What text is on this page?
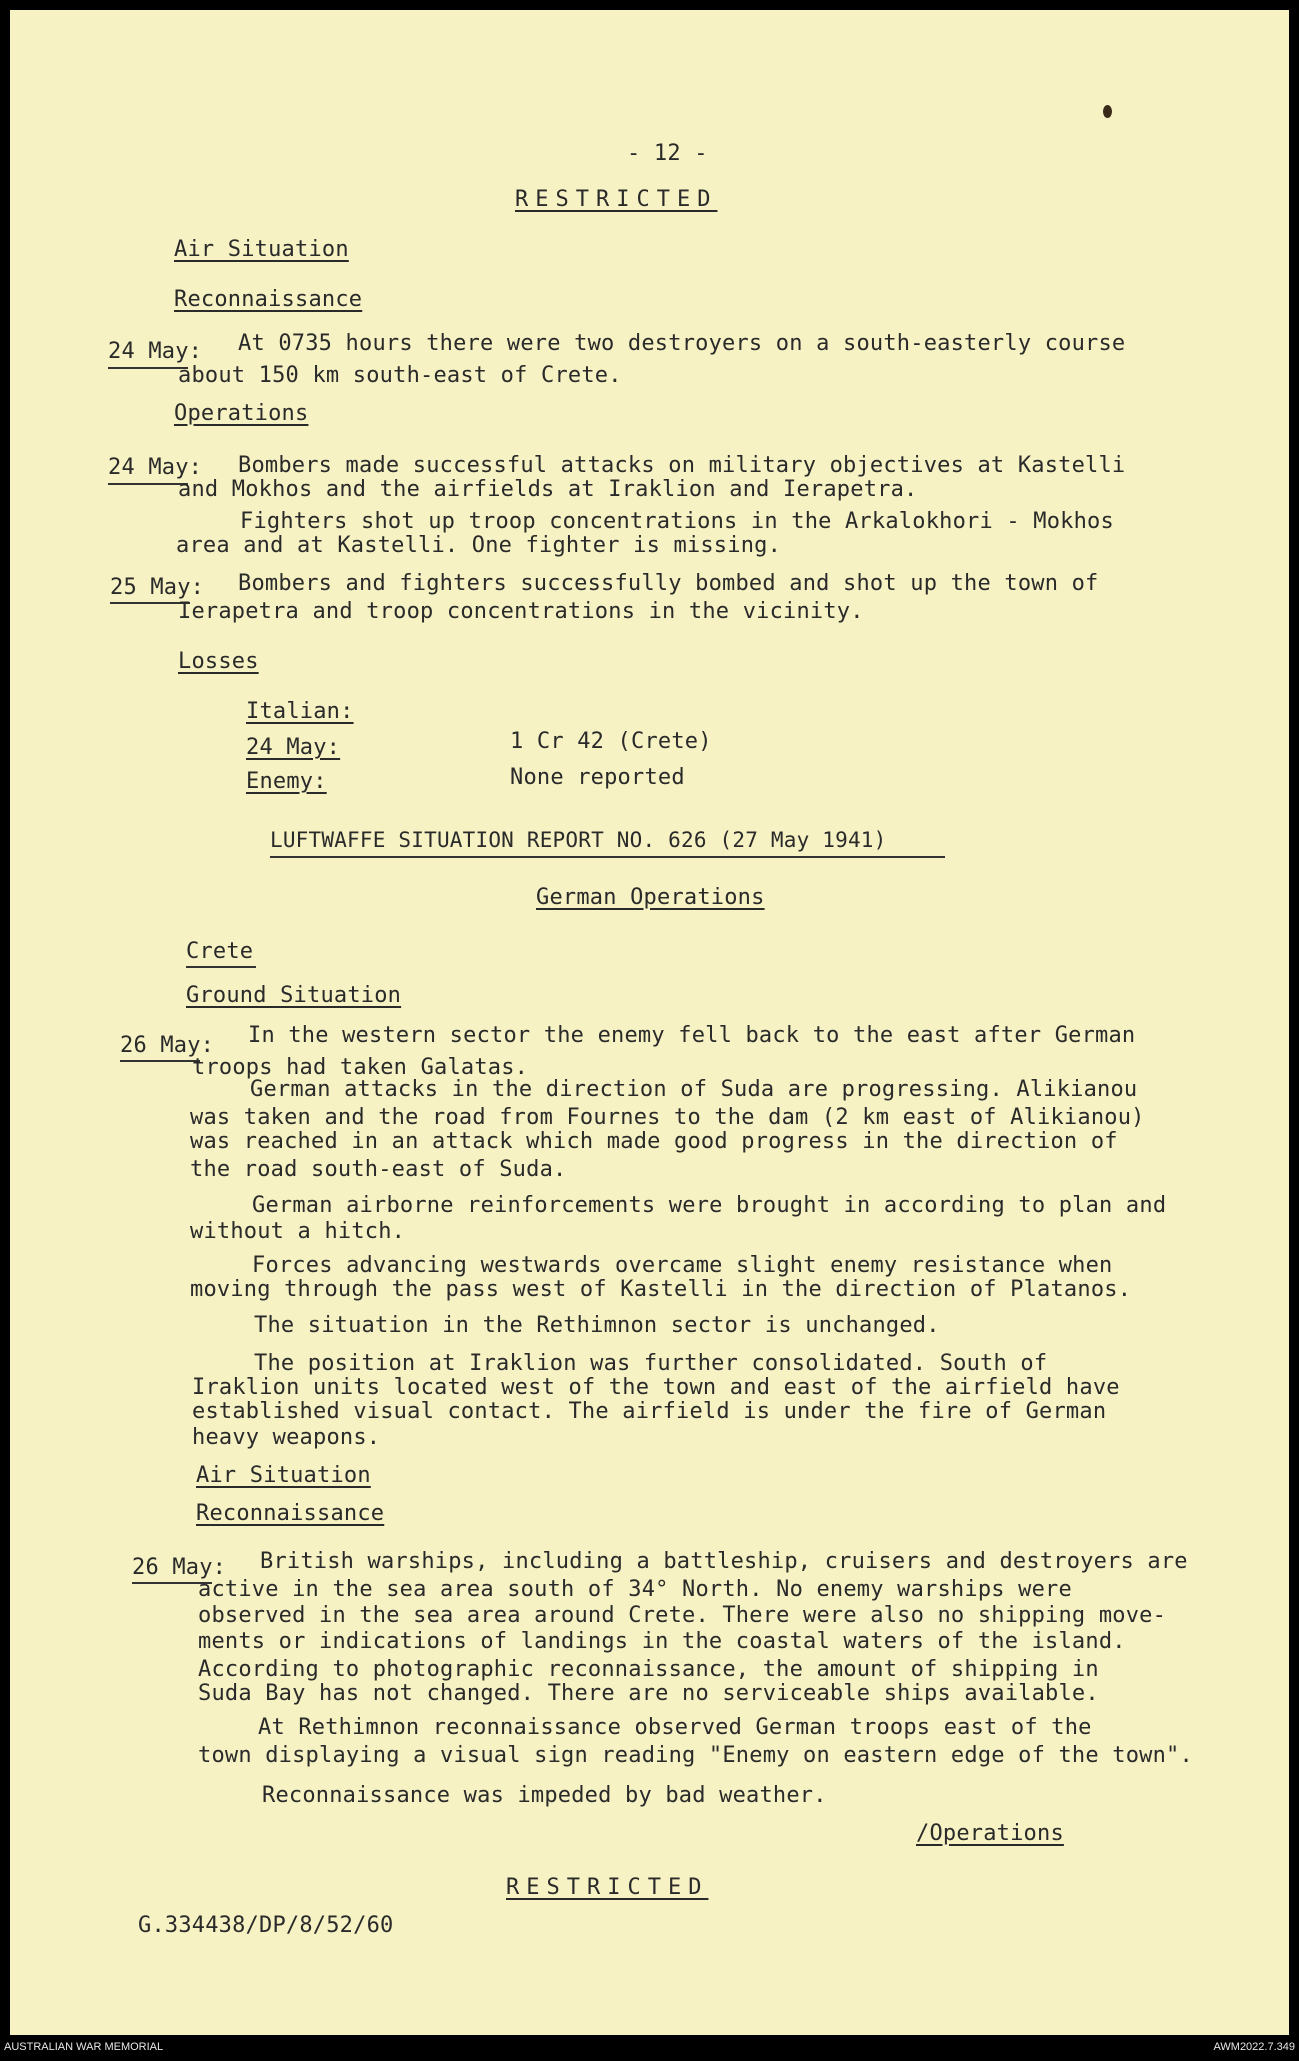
- 12 -
RESTRICTED
Air Situation
Reconnaissance
24 May: At 0735 hours there were two destroyers on a south-easterly course
about 150 km south-east of Crete.
Operations
24 May: Bombers made successful attacks on military objectives at Kastelli
and Mokhos and the airfields at Iraklion and Ierapetra.
Fighters shot up troop concentrations in the Arkalokhori - Mokhos
area and at Kastelli. One fighter is missing.
25 May: Bombers and fighters successfully bombed and shot up the town of
Ierapetra and troop concentrations in the vicinity.
Losses
Italian:
24 May:	1 Cr 42 (Crete)
Enemy:	None reported
LUFTWAFFE SITUATION REPORT NO. 626 (27 May 1941)
German Operations
Crete
Ground Situation
26 May: In the western sector the enemy fell back to the east after German
troops had taken Galatas.
German attacks in the direction of Suda are progressing. Alikianou
was taken and the road from Fournes to the dam (2 km east of Alikianou)
was reached in an attack which made good progress in the direction of
the road south-east of Suda.
German airborne reinforcements were brought in according to plan and
without a hitch.
Forces advancing westwards overcame slight enemy resistance when
moving through the pass west of Kastelli in the direction of Platanos.
The situation in the Rethimnon sector is unchanged.
The position at Iraklion was further consolidated. South of
Iraklion units located west of the town and east of the airfield have
established visual contact. The airfield is under the fire of German
heavy weapons.
Air Situation
Reconnaissance
26 May: British warships, including a battleship, cruisers and destroyers are
active in the sea area south of 34° North. No enemy warships were
observed in the sea area around Crete. There were also no shipping move-
ments or indications of landings in the coastal waters of the island.
According to photographic reconnaissance, the amount of shipping in
Suda Bay has not changed. There are no serviceable ships available.
At Rethimnon reconnaissance observed German troops east of the
town displaying a visual sign reading "Enemy on eastern edge of the town".
Reconnaissance was impeded by bad weather.
/Operations
RESTRICTED
G.334438/DP/8/52/60
AUSTRALIAN WAR MEMORIAL	AWM2022.7.349
